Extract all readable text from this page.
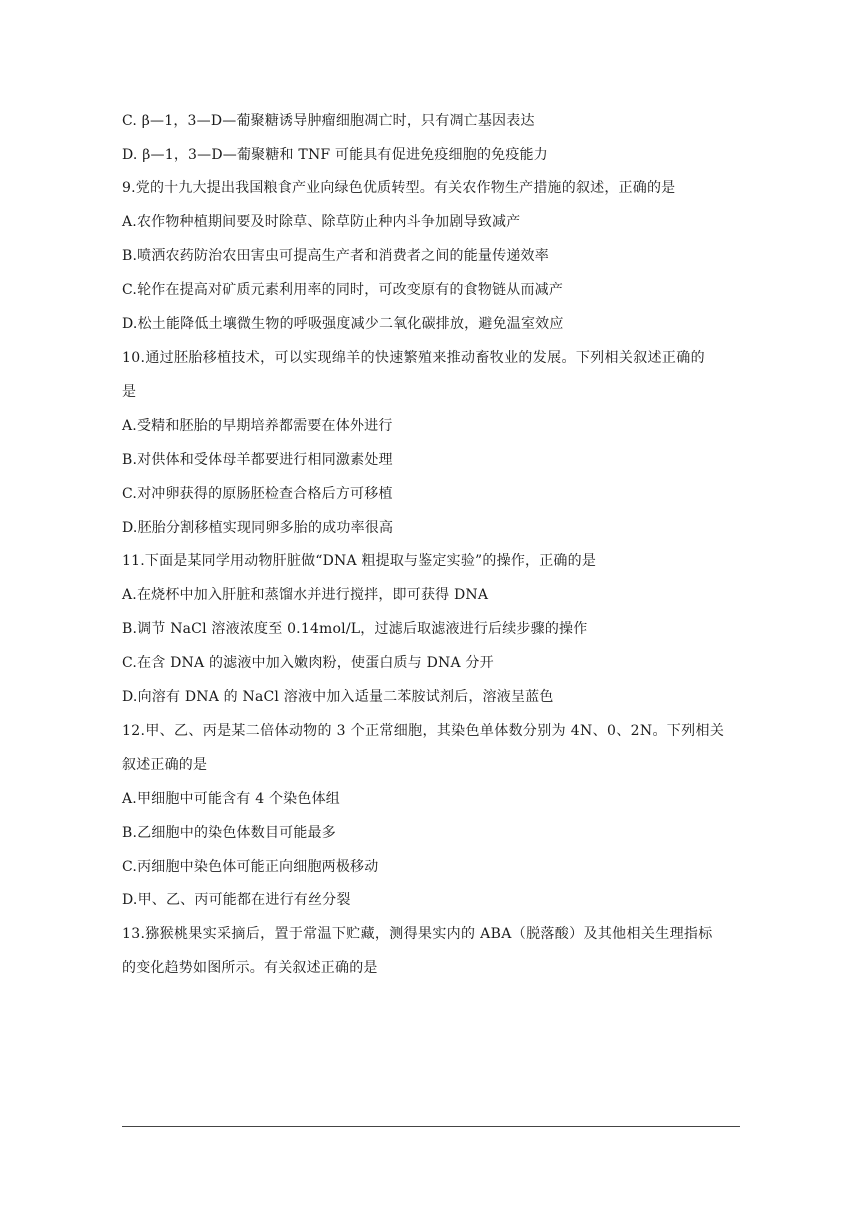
C. β—1，3—D—葡聚糖诱导肿瘤细胞凋亡时，只有凋亡基因表达
D. β—1，3—D—葡聚糖和 TNF 可能具有促进免疫细胞的免疫能力
9.党的十九大提出我国粮食产业向绿色优质转型。有关农作物生产措施的叙述，正确的是
A.农作物种植期间要及时除草、除草防止种内斗争加剧导致减产
B.喷洒农药防治农田害虫可提高生产者和消费者之间的能量传递效率
C.轮作在提高对矿质元素利用率的同时，可改变原有的食物链从而减产
D.松土能降低土壤微生物的呼吸强度减少二氧化碳排放，避免温室效应
10.通过胚胎移植技术，可以实现绵羊的快速繁殖来推动畜牧业的发展。下列相关叙述正确的
是
A.受精和胚胎的早期培养都需要在体外进行
B.对供体和受体母羊都要进行相同激素处理
C.对冲卵获得的原肠胚检查合格后方可移植
D.胚胎分割移植实现同卵多胎的成功率很高
11.下面是某同学用动物肝脏做“DNA 粗提取与鉴定实验”的操作，正确的是
A.在烧杯中加入肝脏和蒸馏水并进行搅拌，即可获得 DNA
B.调节 NaCl 溶液浓度至 0.14mol/L，过滤后取滤液进行后续步骤的操作
C.在含 DNA 的滤液中加入嫩肉粉，使蛋白质与 DNA 分开
D.向溶有 DNA 的 NaCl 溶液中加入适量二苯胺试剂后，溶液呈蓝色
12.甲、乙、丙是某二倍体动物的 3 个正常细胞，其染色单体数分别为 4N、0、2N。下列相关
叙述正确的是
A.甲细胞中可能含有 4 个染色体组
B.乙细胞中的染色体数目可能最多
C.丙细胞中染色体可能正向细胞两极移动
D.甲、乙、丙可能都在进行有丝分裂
13.猕猴桃果实采摘后，置于常温下贮藏，测得果实内的 ABA（脱落酸）及其他相关生理指标
的变化趋势如图所示。有关叙述正确的是
